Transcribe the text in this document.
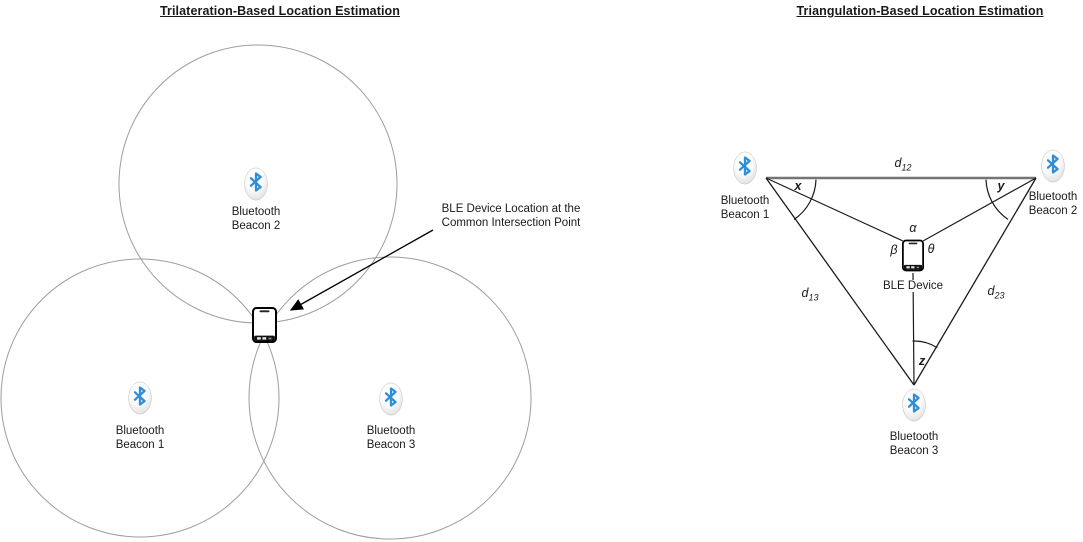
Trilateration-Based Location Estimation	Triangulation-Based Location Estimation
Bluetooth
Beacon 2
Bluetooth
Beacon 1
Bluetooth
Beacon 3
BLE Device Location at the
Common Intersection Point
Bluetooth
Beacon 1
Bluetooth
Beacon 2
Bluetooth
Beacon 3
BLE Device
$d_{12}$
$d_{13}$	$d_{23}$
x	y
z
α
β θ
